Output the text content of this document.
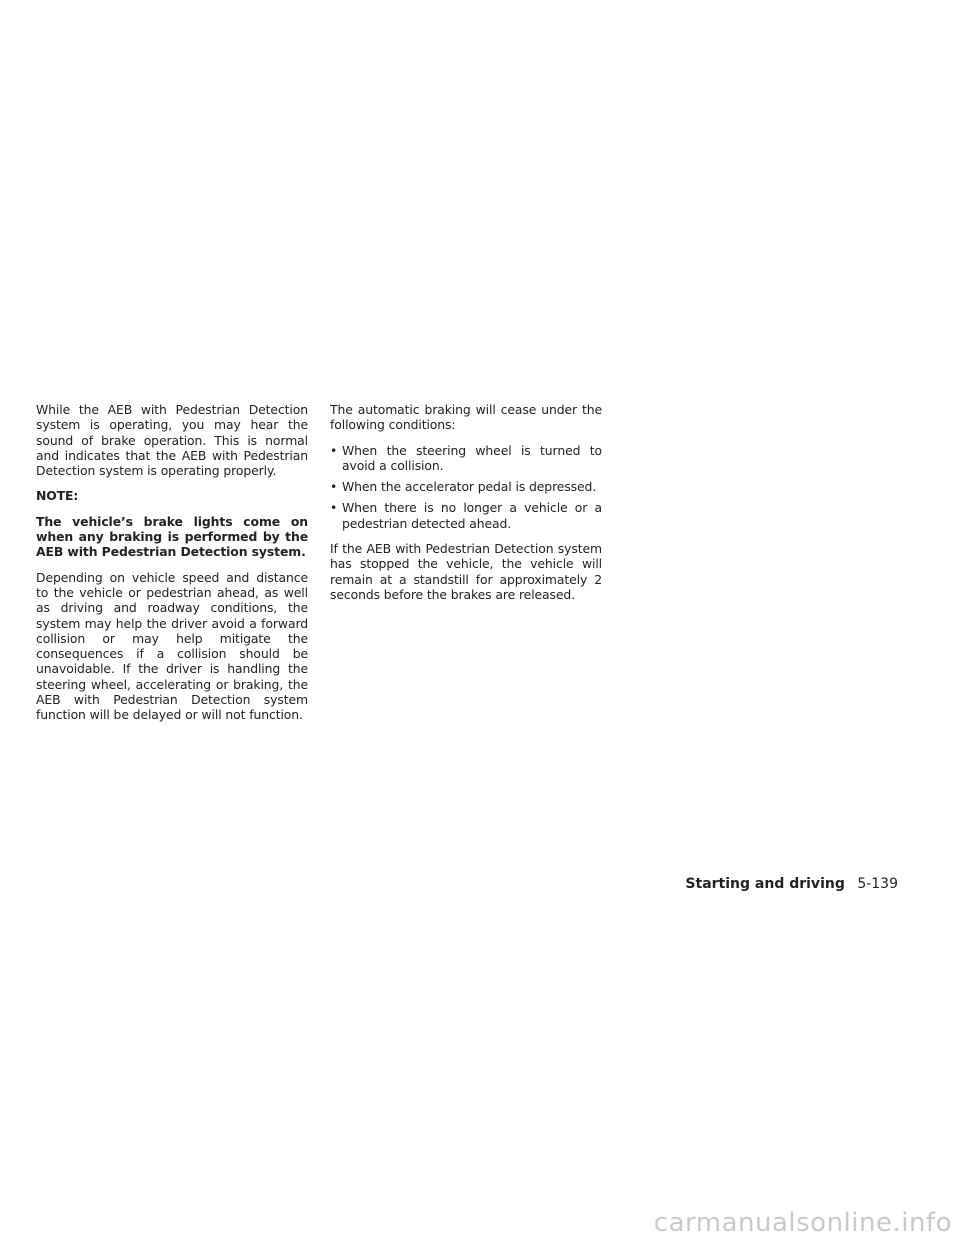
While the AEB with Pedestrian Detection system is operating, you may hear the sound of brake operation. This is normal and indicates that the AEB with Pedestrian Detection system is operating properly.

NOTE:

The vehicle’s brake lights come on when any braking is performed by the AEB with Pedestrian Detection system.

Depending on vehicle speed and distance to the vehicle or pedestrian ahead, as well as driving and roadway conditions, the system may help the driver avoid a forward collision or may help mitigate the consequences if a collision should be unavoidable. If the driver is handling the steering wheel, accelerating or braking, the AEB with Pedestrian Detection system function will be delayed or will not function.

The automatic braking will cease under the following conditions:

• When the steering wheel is turned to avoid a collision.
• When the accelerator pedal is depressed.
• When there is no longer a vehicle or a pedestrian detected ahead.

If the AEB with Pedestrian Detection system has stopped the vehicle, the vehicle will remain at a standstill for approximately 2 seconds before the brakes are released.

Starting and driving 5-139
carmanualsonline.info
